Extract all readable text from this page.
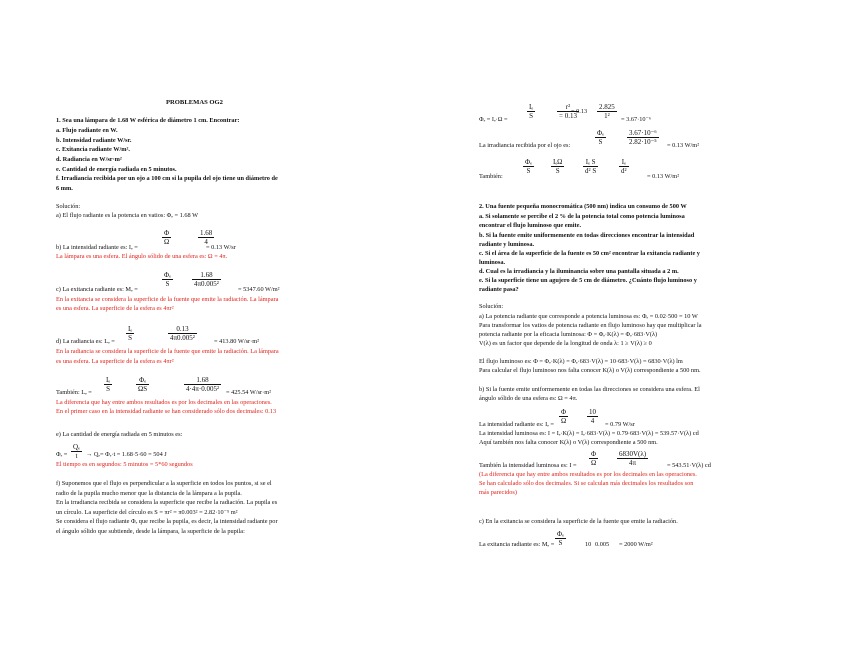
PROBLEMAS OG2

1. Sea una lámpara de 1.68 W esférica de diámetro 1 cm. Encontrar:

a. Flujo radiante en W.

b. Intensidad radiante W/sr.

c. Exitancia radiante W/m².

d. Radiancia en W/sr·m²

e. Cantidad de energía radiada en 5 minutos.

f. Irradiancia recibida por un ojo a 100 cm si la pupila del ojo tiene un diámetro de

6 mm.

Solución:

a) El flujo radiante es la potencia en vatios: Φₑ = 1.68 W

$\frac{\Phi}{\Omega}$	$\frac{1.68}{4}$

b) La intensidad radiante es: Iₑ =	= 0.13 W/sr

La lámpara es una esfera. El ángulo sólido de una esfera es: Ω = 4π.

$\frac{\text{Φₑ}}{S}$	$\frac{1.68}{\text{4π0.005²}}$

c) La exitancia radiante es: Mₑ =	= 5347.60 W/m²

En la exitancia se considera la superficie de la fuente que emite la radiación. La lámpara

es una esfera. La superficie de la esfera es 4πr²

$\frac{\text{Iₑ}}{S}$	$\frac{0.13}{\text{4π0.005²}}$

d) La radiancia es: Lₑ =	= 413.80 W/sr·m²

En la radiancia se considera la superficie de la fuente que emite la radiación. La lámpara

es una esfera. La superficie de la esfera es 4πr²

$\frac{\text{Iₑ}}{S}$	$\frac{\text{Φₑ}}{\Omega S}$	$\frac{1.68}{\text{4·4π·0.005²}}$

También: Lₑ =	= 425.54 W/sr·m²

La diferencia que hay entre ambos resultados es por los decimales en las operaciones.

En el primer caso en la intensidad radiante se han considerado sólo dos decimales: 0.13

e) La cantidad de energía radiada en 5 minutos es:

$\frac{\text{Qₑ}}{t}$

Φₑ =	→ Qₑ= Φₑ·t = 1.68·5·60 = 504 J

El tiempo es en segundos: 5 minutos = 5*60 segundos

f) Suponemos que el flujo es perpendicular a la superficie en todos los puntos, si se el

radio de la pupila mucho menor que la distancia de la lámpara a la pupila.

En la irradiancia recibida se considera la superficie que recibe la radiación. La pupila es

un círculo. La superficie del círculo es S = πr² = π0.003² = 2.82·10⁻⁵ m²

Se considera el flujo radiante Φₑ que recibe la pupila, es decir, la intensidad radiante por

el ángulo sólido que subtiende, desde la lámpara, la superficie de la pupila:

$\frac{\text{Iₑ}}{S}$	$\frac{\text{r²}}{= 0.13}$

= $0.13 \frac{2.825}{\text{1²}}$

Φₑ = Iₑ·Ω =	= 3.67·10⁻⁶

$\frac{\text{Φₑ}}{S}$	$\frac{\text{3.67·10⁻⁶}}{\text{2.82·10⁻⁵}}$

La irradiancia recibida por el ojo es:	= 0.13 W/m²

$\frac{\text{Φₑ}}{S}$	IₑΩ
S	$\frac{\text{Iₑ S}}{\text{d² S}}$	$\frac{\text{Iₑ}}{\text{d²}}$

También:	= 0.13 W/m²

2. Una fuente pequeña monocromática (500 nm) indica un consumo de 500 W

a. Si solamente se percibe el 2 % de la potencia total como potencia luminosa

encontrar el flujo luminoso que emite.

b. Si la fuente emite uniformemente en todas direcciones encontrar la intensidad

radiante y luminosa.

c. Si el área de la superficie de la fuente es 50 cm² encontrar la exitancia radiante y

luminosa.

d. Cual es la irradiancia y la iluminancia sobre una pantalla situada a 2 m.

e. Si la superficie tiene un agujero de 5 cm de diámetro. ¿Cuánto flujo luminoso y

radiante pasa?

Solución:

a) La potencia radiante que corresponde a potencia luminosa es: Φₑ = 0.02·500 = 10 W

Para transformar los vatios de potencia radiante en flujo luminoso hay que multiplicar la

potencia radiante por la eficacia luminosa: Φ = Φₑ·K(λ) = Φₑ·683·V(λ)

V(λ) es un factor que depende de la longitud de onda λ: 1 ≥ V(λ) ≥ 0

El flujo luminoso es: Φ = Φₑ·K(λ) = Φₑ·683·V(λ) = 10·683·V(λ) = 6830·V(λ) lm

Para calcular el flujo luminoso nos falta conocer K(λ) o V(λ) correspondiente a 500 nm.

b) Si la fuente emite uniformemente en todas las direcciones se considera una esfera. El

ángulo sólido de una esfera es: Ω = 4π.

$\frac{\Phi}{\Omega}$	$\frac{10}{4}$

La intensidad radiante es: Iₑ =	= 0.79 W/sr

La intensidad luminosa es: I = Iₑ·K(λ) = Iₑ·683·V(λ) = 0.79·683·V(λ) = 539.57·V(λ) cd

Aquí también nos falta conocer K(λ) o V(λ) correspondiente a 500 nm.

$\frac{\Phi}{\Omega}$	$\frac{6830V(\lambda)}{4\pi}$

También la intensidad luminosa es: I =	= 543.51·V(λ) cd

(La diferencia que hay entre ambos resultados es por los decimales en las operaciones.

Se han calculado sólo dos decimales. Si se calculan más decimales los resultados son

más parecidos)

c) En la exitancia se considera la superficie de la fuente que emite la radiación.

$\frac{\text{Φₑ}}{S}$

La exitancia radiante es: Mₑ =	10 0.005 = 2000 W/m²
